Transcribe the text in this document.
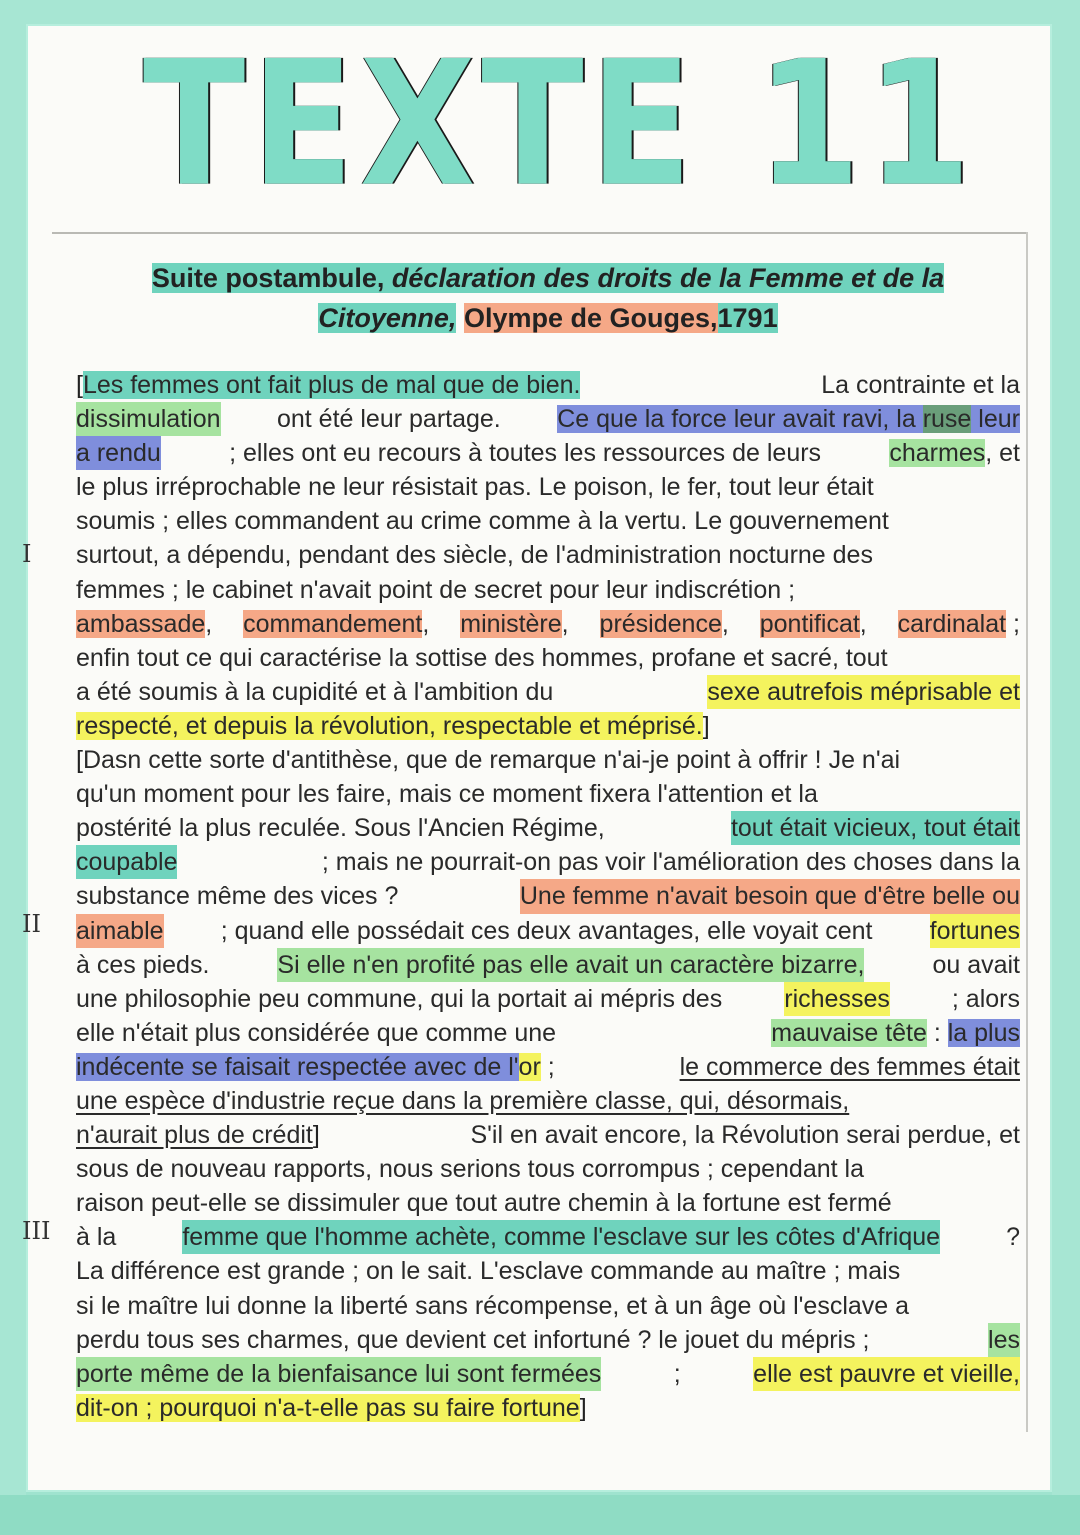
TEXTE 11
Suite postambule, déclaration des droits de la Femme et de la Citoyenne, Olympe de Gouges,1791
I
II
III
[Les femmes ont fait plus de mal que de bien.	La contrainte et la
dissimulation ont été leur partage. Ce que la force leur avait ravi, la ruse leur
a rendu	; elles ont eu recours à toutes les ressources de leurs	charmes, et
le plus irréprochable ne leur résistait pas. Le poison, le fer, tout leur était
soumis ; elles commandent au crime comme à la vertu. Le gouvernement
surtout, a dépendu, pendant des siècle, de l'administration nocturne des
femmes ; le cabinet n'avait point de secret pour leur indiscrétion ;
ambassade, commandement, ministère, présidence, pontificat, cardinalat ;
enfin tout ce qui caractérise la sottise des hommes, profane et sacré, tout
a été soumis à la cupidité et à l'ambition du	sexe autrefois méprisable et
respecté, et depuis la révolution, respectable et méprisé.]
[Dasn cette sorte d'antithèse, que de remarque n'ai-je point à offrir ! Je n'ai
qu'un moment pour les faire, mais ce moment fixera l'attention et la
postérité la plus reculée. Sous l'Ancien Régime,	tout était vicieux, tout était
coupable	; mais ne pourrait-on pas voir l'amélioration des choses dans la
substance même des vices ?	Une femme n'avait besoin que d'être belle ou
aimable ; quand elle possédait ces deux avantages, elle voyait cent fortunes
à ces pieds.	Si elle n'en profité pas elle avait un caractère bizarre,	ou avait
une philosophie peu commune, qui la portait ai mépris des richesses ; alors
elle n'était plus considérée que comme une	mauvaise tête : la plus
indécente se faisait respectée avec de l'or ;	le commerce des femmes était
une espèce d'industrie reçue dans la première classe, qui, désormais,
n'aurait plus de crédit]	S'il en avait encore, la Révolution serai perdue, et
sous de nouveau rapports, nous serions tous corrompus ; cependant la
raison peut-elle se dissimuler que tout autre chemin à la fortune est fermé
à la	femme que l'homme achète, comme l'esclave sur les côtes d'Afrique	?
La différence est grande ; on le sait. L'esclave commande au maître ; mais
si le maître lui donne la liberté sans récompense, et à un âge où l'esclave a
perdu tous ses charmes, que devient cet infortuné ? le jouet du mépris ;	les
porte même de la bienfaisance lui sont fermées	;	elle est pauvre et vieille,
dit-on ; pourquoi n'a-t-elle pas su faire fortune]
